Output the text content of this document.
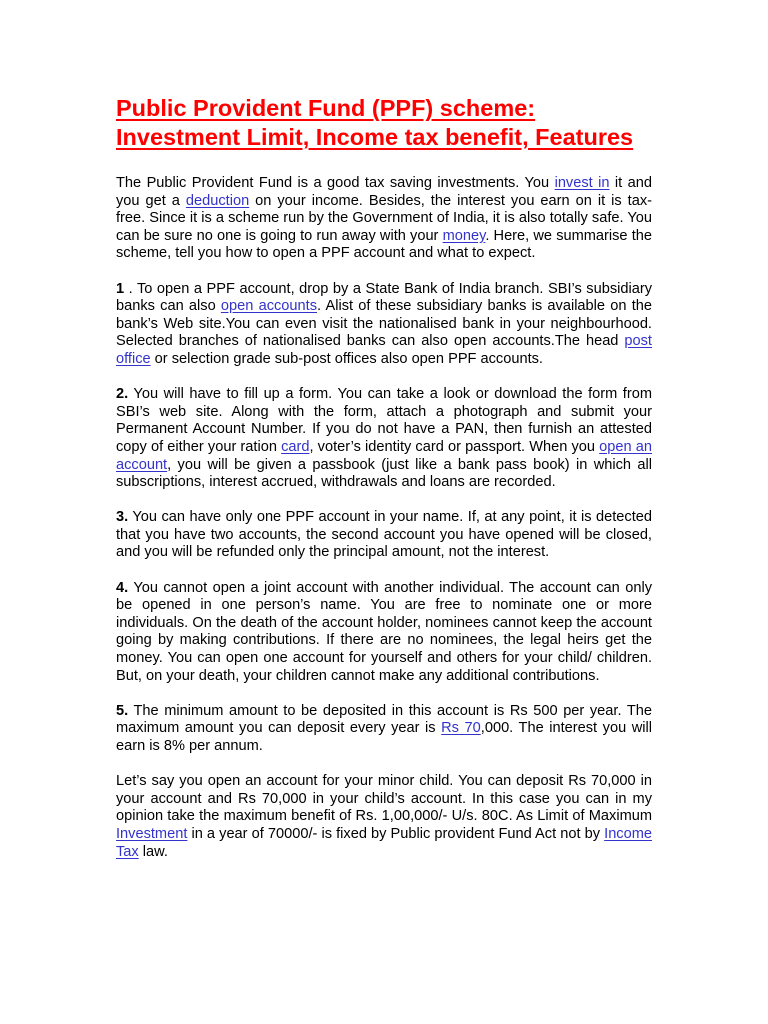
Public Provident Fund (PPF) scheme:
Investment Limit, Income tax benefit, Features

The Public Provident Fund is a good tax saving investments. You invest in it and you get a deduction on your income. Besides, the interest you earn on it is tax-free. Since it is a scheme run by the Government of India, it is also totally safe. You can be sure no one is going to run away with your money. Here, we summarise the scheme, tell you how to open a PPF account and what to expect.

1 . To open a PPF account, drop by a State Bank of India branch. SBI’s subsidiary banks can also open accounts. Alist of these subsidiary banks is available on the bank’s Web site.You can even visit the nationalised bank in your neighbourhood. Selected branches of nationalised banks can also open accounts.The head post office or selection grade sub-post offices also open PPF accounts.

2. You will have to fill up a form. You can take a look or download the form from SBI’s web site. Along with the form, attach a photograph and submit your Permanent Account Number. If you do not have a PAN, then furnish an attested copy of either your ration card, voter’s identity card or passport. When you open an account, you will be given a passbook (just like a bank pass book) in which all subscriptions, interest accrued, withdrawals and loans are recorded.

3. You can have only one PPF account in your name. If, at any point, it is detected that you have two accounts, the second account you have opened will be closed, and you will be refunded only the principal amount, not the interest.

4. You cannot open a joint account with another individual. The account can only be opened in one person’s name. You are free to nominate one or more individuals. On the death of the account holder, nominees cannot keep the account going by making contributions. If there are no nominees, the legal heirs get the money. You can open one account for yourself and others for your child/ children. But, on your death, your children cannot make any additional contributions.

5. The minimum amount to be deposited in this account is Rs 500 per year. The maximum amount you can deposit every year is Rs 70,000. The interest you will earn is 8% per annum.

Let’s say you open an account for your minor child. You can deposit Rs 70,000 in your account and Rs 70,000 in your child’s account. In this case you can in my opinion take the maximum benefit of Rs. 1,00,000/- U/s. 80C. As Limit of Maximum Investment in a year of 70000/- is fixed by Public provident Fund Act not by Income Tax law.
